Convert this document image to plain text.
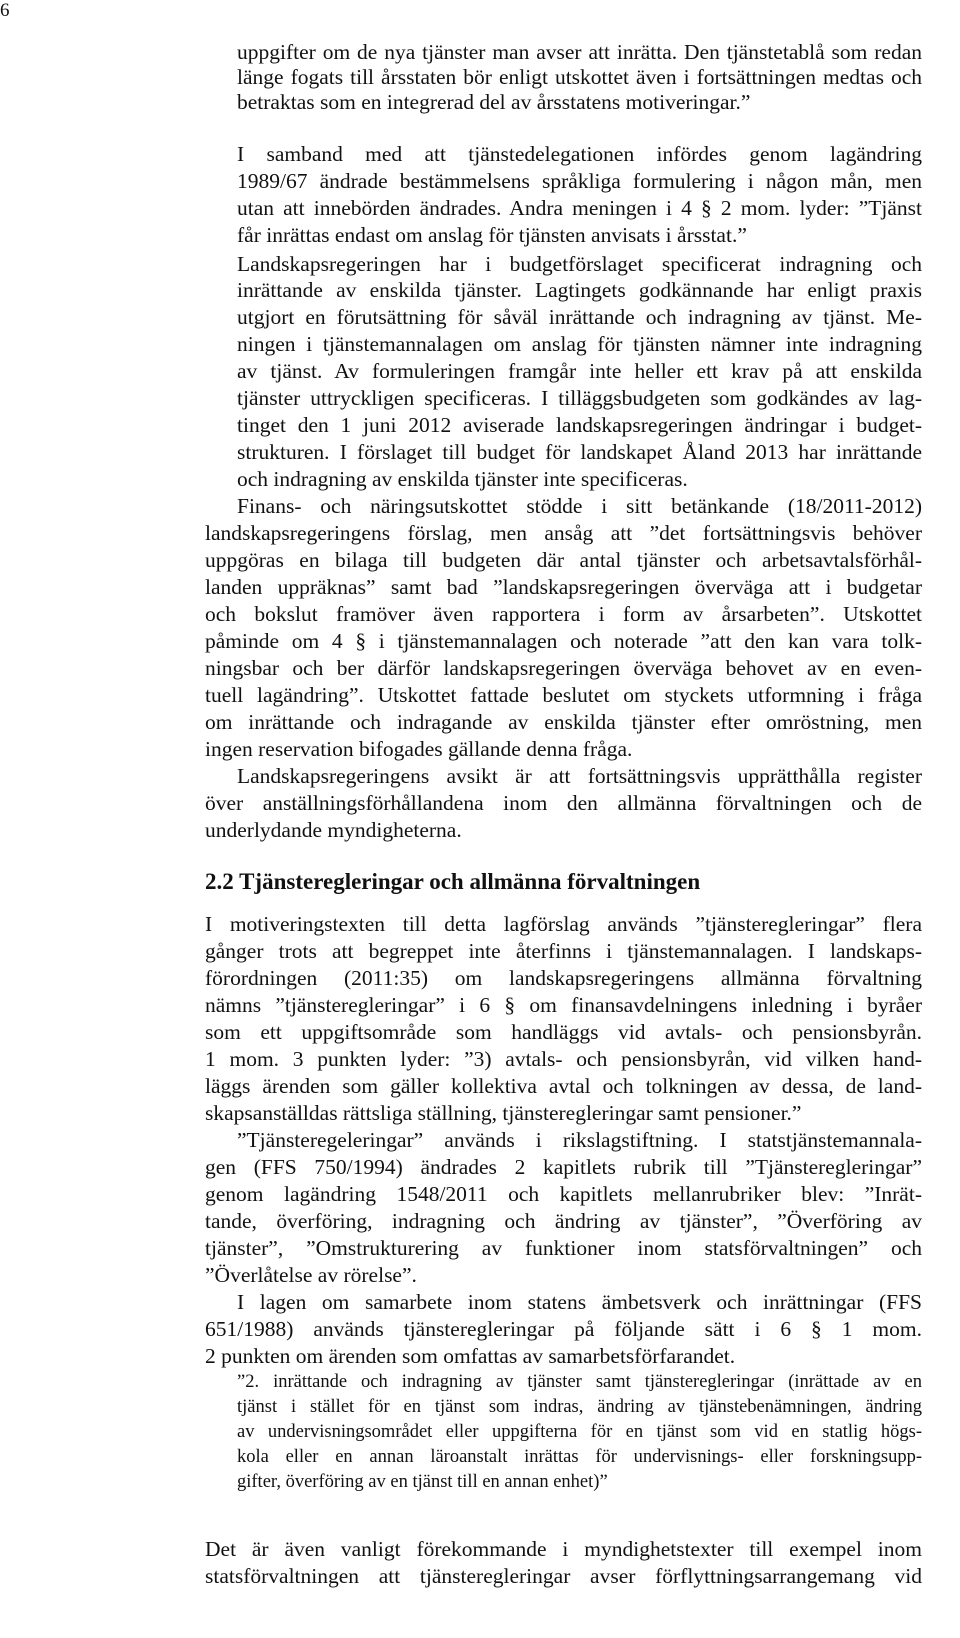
6
uppgifter om de nya tjänster man avser att inrätta. Den tjänstetablå som redan
länge fogats till årsstaten bör enligt utskottet även i fortsättningen medtas och
betraktas som en integrerad del av årsstatens motiveringar.”
I samband med att tjänstedelegationen infördes genom lagändring
1989/67 ändrade bestämmelsens språkliga formulering i någon mån, men
utan att innebörden ändrades. Andra meningen i 4 § 2 mom. lyder: ”Tjänst
får inrättas endast om anslag för tjänsten anvisats i årsstat.”
Landskapsregeringen har i budgetförslaget specificerat indragning och
inrättande av enskilda tjänster. Lagtingets godkännande har enligt praxis
utgjort en förutsättning för såväl inrättande och indragning av tjänst. Me-
ningen i tjänstemannalagen om anslag för tjänsten nämner inte indragning
av tjänst. Av formuleringen framgår inte heller ett krav på att enskilda
tjänster uttryckligen specificeras. I tilläggsbudgeten som godkändes av lag-
tinget den 1 juni 2012 aviserade landskapsregeringen ändringar i budget-
strukturen. I förslaget till budget för landskapet Åland 2013 har inrättande
och indragning av enskilda tjänster inte specificeras.
Finans- och näringsutskottet stödde i sitt betänkande (18/2011-2012)
landskapsregeringens förslag, men ansåg att ”det fortsättningsvis behöver
uppgöras en bilaga till budgeten där antal tjänster och arbetsavtalsförhål-
landen uppräknas” samt bad ”landskapsregeringen överväga att i budgetar
och bokslut framöver även rapportera i form av årsarbeten”. Utskottet
påminde om 4 § i tjänstemannalagen och noterade ”att den kan vara tolk-
ningsbar och ber därför landskapsregeringen överväga behovet av en even-
tuell lagändring”. Utskottet fattade beslutet om styckets utformning i fråga
om inrättande och indragande av enskilda tjänster efter omröstning, men
ingen reservation bifogades gällande denna fråga.
Landskapsregeringens avsikt är att fortsättningsvis upprätthålla register
över anställningsförhållandena inom den allmänna förvaltningen och de
underlydande myndigheterna.
2.2 Tjänsteregleringar och allmänna förvaltningen
I motiveringstexten till detta lagförslag används ”tjänsteregleringar” flera
gånger trots att begreppet inte återfinns i tjänstemannalagen. I landskaps-
förordningen (2011:35) om landskapsregeringens allmänna förvaltning
nämns ”tjänsteregleringar” i 6 § om finansavdelningens inledning i byråer
som ett uppgiftsområde som handläggs vid avtals- och pensionsbyrån.
1 mom. 3 punkten lyder: ”3) avtals- och pensionsbyrån, vid vilken hand-
läggs ärenden som gäller kollektiva avtal och tolkningen av dessa, de land-
skapsanställdas rättsliga ställning, tjänsteregleringar samt pensioner.”
”Tjänsteregeleringar” används i rikslagstiftning. I statstjänstemannala-
gen (FFS 750/1994) ändrades 2 kapitlets rubrik till ”Tjänsteregleringar”
genom lagändring 1548/2011 och kapitlets mellanrubriker blev: ”Inrät-
tande, överföring, indragning och ändring av tjänster”, ”Överföring av
tjänster”, ”Omstrukturering av funktioner inom statsförvaltningen” och
”Överlåtelse av rörelse”.
I lagen om samarbete inom statens ämbetsverk och inrättningar (FFS
651/1988) används tjänsteregleringar på följande sätt i 6 § 1 mom.
2 punkten om ärenden som omfattas av samarbetsförfarandet.
”2. inrättande och indragning av tjänster samt tjänsteregleringar (inrättade av en
tjänst i stället för en tjänst som indras, ändring av tjänstebenämningen, ändring
av undervisningsområdet eller uppgifterna för en tjänst som vid en statlig högs-
kola eller en annan läroanstalt inrättas för undervisnings- eller forskningsupp-
gifter, överföring av en tjänst till en annan enhet)”
Det är även vanligt förekommande i myndighetstexter till exempel inom
statsförvaltningen att tjänsteregleringar avser förflyttningsarrangemang vid
